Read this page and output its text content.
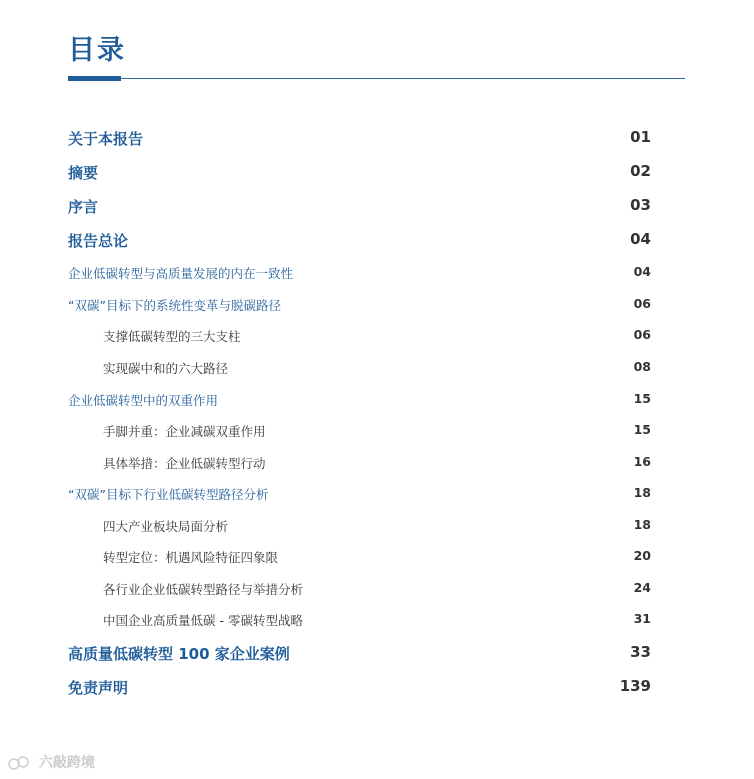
目录
关于本报告	01
摘要	02
序言	03
报告总论	04
企业低碳转型与高质量发展的内在一致性	04
“双碳”目标下的系统性变革与脱碳路径	06
支撑低碳转型的三大支柱	06
实现碳中和的六大路径	08
企业低碳转型中的双重作用	15
手脚并重：企业减碳双重作用	15
具体举措：企业低碳转型行动	16
“双碳”目标下行业低碳转型路径分析	18
四大产业板块局面分析	18
转型定位：机遇风险特征四象限	20
各行业企业低碳转型路径与举措分析	24
中国企业高质量低碳 - 零碳转型战略	31
高质量低碳转型 100 家企业案例	33
免责声明	139
六敲跨境
